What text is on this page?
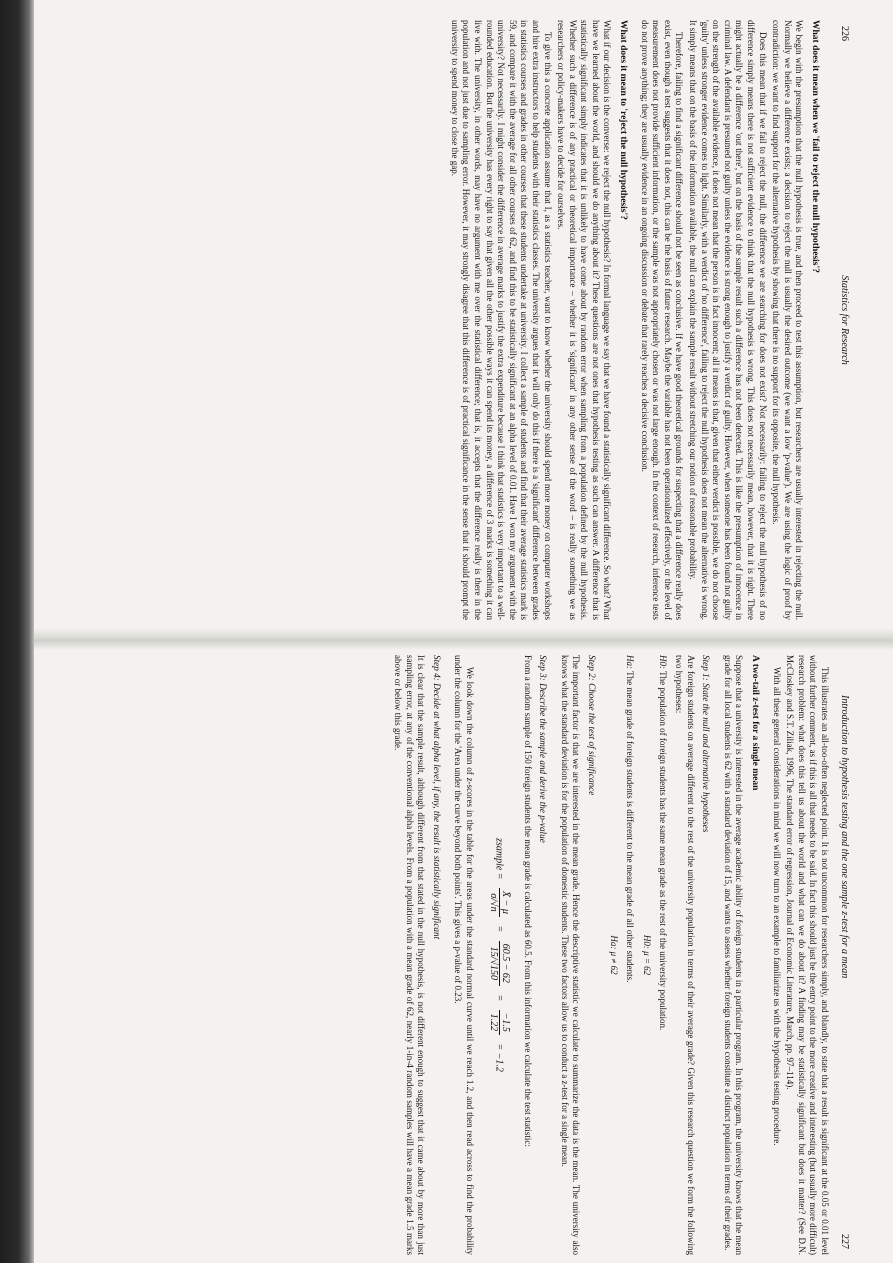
226
Statistics for Research
What does it mean when we 'fail to reject the null hypothesis'?

We begin with the presumption that the null hypothesis is true, and then proceed to test this assumption, but researchers are usually interested in rejecting the null. Normally we believe a difference exists; a decision to reject the null is usually the desired outcome (we want a low 'p-value'). We are using the logic of proof by contradiction: we want to find support for the alternative hypothesis by showing that there is no support for its opposite, the null hypothesis.

Does this mean that if we fail to reject the null, the difference we are searching for does not exist? Not necessarily: failing to reject the null hypothesis of no difference simply means there is not sufficient evidence to think that the null hypothesis is wrong. This does not necessarily mean, however, that it is right. There might actually be a difference 'out there', but on the basis of the sample result such a difference has not been detected. This is like the presumption of innocence in criminal law. A defendant is presumed not guilty unless the evidence is strong enough to justify a verdict of guilty. However, when someone has been found not guilty on the strength of the available evidence, it does not mean that the person is in fact innocent; all it means is that, given that either verdict is possible, we do not choose 'guilty' unless stronger evidence comes to light. Similarly, with a verdict of 'no difference', failing to reject the null hypothesis does not mean the alternative is wrong. It simply means that on the basis of the information available, the null can explain the sample result without stretching our notion of reasonable probability.

Therefore, failing to find a significant difference should not be seen as conclusive. If we have good theoretical grounds for suspecting that a difference really does exist, even though a test suggests that it does not, this can be the basis of future research. Maybe the variable has not been operationalized effectively, or the level of measurement does not provide sufficient information, or the sample was not appropriately chosen or was not large enough. In the context of research, inference tests do not prove anything; they are usually evidence in an ongoing discussion or debate that rarely reaches a decisive conclusion.

What does it mean to 'reject the null hypothesis'?

What if our decision is the converse: we reject the null hypothesis? In formal language we say that we have found a statistically significant difference. So what? What have we learned about the world, and should we do anything about it? These questions are not ones that hypothesis testing as such can answer. A difference that is statistically significant simply indicates that it is unlikely to have come about by random error when sampling from a population defined by the null hypothesis. Whether such a difference is of any practical or theoretical importance – whether it is 'significant' in any other sense of the word – is really something we as researchers or policy-makers have to decide for ourselves.

To give this a concrete application assume that I, as a statistics teacher, want to know whether the university should spend more money on computer workshops and hire extra instructors to help students with their statistics classes. The university argues that it will only do this if there is a 'significant' difference between grades in statistics courses and grades in other courses that these students undertake at university. I collect a sample of students and find that their average statistics mark is 59, and compare it with the average for all other courses of 62, and find this to be statistically significant at an alpha level of 0.01. Have I won my argument with the university? Not necessarily. I might consider the difference in average marks to justify the extra expenditure because I think that statistics is very important to a well-rounded education. But the university has every right to say that given all the other possible ways it can spend its money, a difference of 3 marks is something it can live with. The university, in other words, may have no argument with me over the statistical difference; that is, it accepts that the difference really is there in the population and not just due to sampling error. However, it may strongly disagree that this difference is of practical significance in the sense that it should prompt the university to spend money to close the gap.

Introduction to hypothesis testing and the one sample z-test for a mean
227

This illustrates an all-too-often neglected point. It is not uncommon for researchers simply, and blandly, to state that a result is significant at the 0.05 or 0.01 level without further comment, as if this is all that needs to be said. In fact this should just be the entry point to the more creative and interesting (but usually more difficult) research problem: what does this tell us about the world and what can we do about it? A finding may be statistically significant but does it matter? (See D.N. McCloskey and S.T. Ziliak, 1996, The standard error of regression, Journal of Economic Literature, March, pp. 97–114).

With all these general considerations in mind we will now turn to an example to familiarize us with the hypothesis testing procedure.

A two-tail z-test for a single mean

Suppose that a university is interested in the average academic ability of foreign students in a particular program. In this program, the university knows that the mean grade for all local students is 62 with a standard deviation of 15, and wants to assess whether foreign students constitute a distinct population in terms of their grades.

Step 1: State the null and alternative hypotheses

Are foreign students on average different to the rest of the university population in terms of their average grade? Given this research question we form the following two hypotheses:

H0: The population of foreign students has the same mean grade as the rest of the university population.

H0: μ = 62

Ha: The mean grade of foreign students is different to the mean grade of all other students.

Ha: μ ≠ 62

Step 2: Choose the test of significance

The important factor is that we are interested in the mean grade. Hence the descriptive statistic we calculate to summarize the data is the mean. The university also knows what the standard deviation is for the population of domestic students. These two factors allow us to conduct a z-test for a single mean.

Step 3: Describe the sample and derive the p-value

From a random sample of 150 foreign students the mean grade is calculated as 60.5. From this information we calculate the test statistic:

zsample =
X̄ − μ
σ/√n
=
60.5 − 62
15/√150
=
−1.5
1.22
= −1.2

We look down the column of z-scores in the table for the areas under the standard normal curve until we reach 1.2, and then read across to find the probability under the column for the 'Area under the curve beyond both points'. This gives a p-value of 0.23.

Step 4: Decide at what alpha level, if any, the result is statistically significant

It is clear that the sample result, although different from that stated in the null hypothesis, is not different enough to suggest that it came about by more than just sampling error, at any of the conventional alpha levels. From a population with a mean grade of 62, nearly 1-in-4 random samples will have a mean grade 1.5 marks above or below this grade.
